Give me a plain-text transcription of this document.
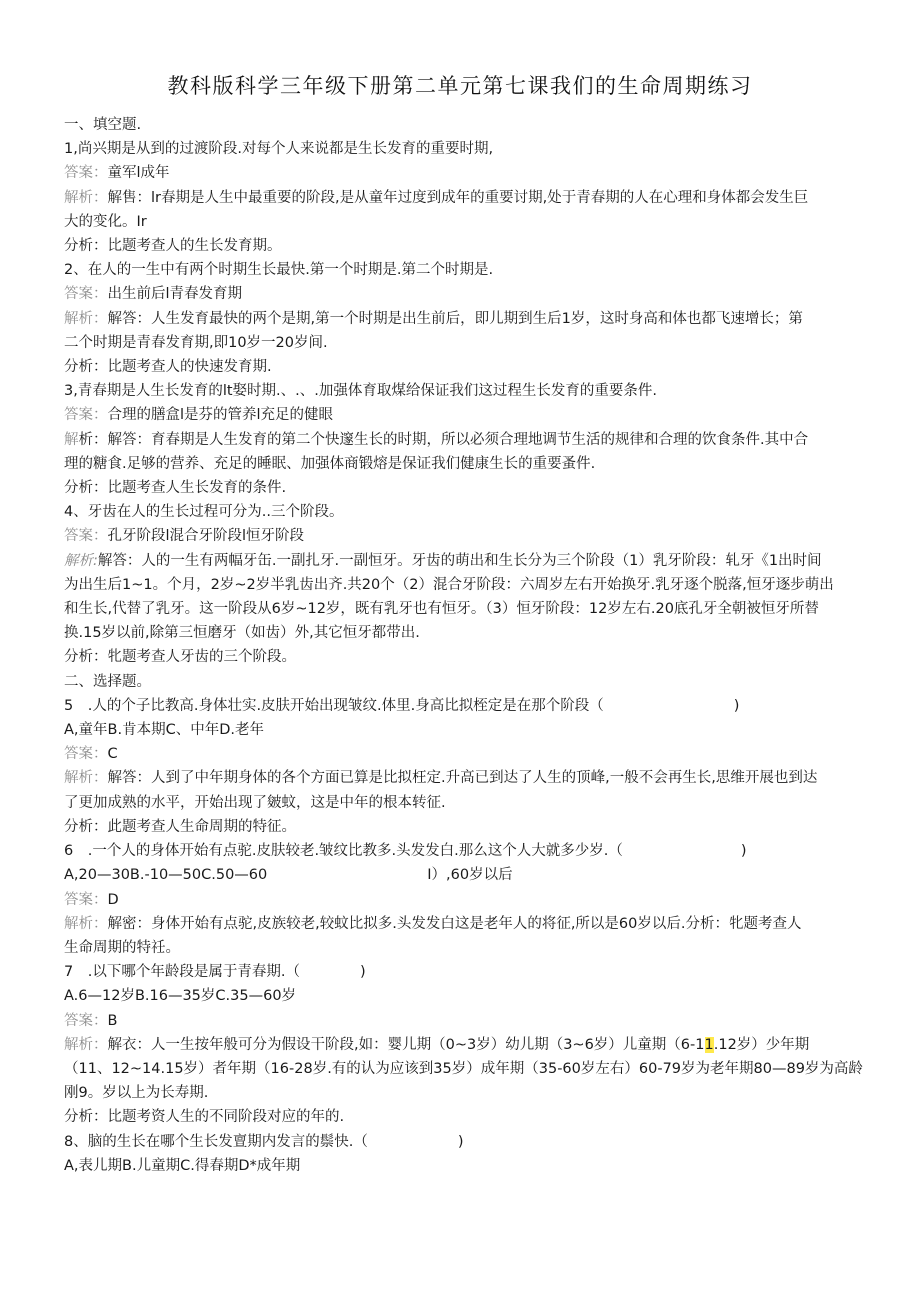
教科版科学三年级下册第二单元第七课我们的生命周期练习
一、填空题.
1,尚兴期是从到的过渡阶段.对每个人来说都是生长发育的重要时期,
答案：童军l成年
解析：解售：lr春期是人生中最重要的阶段,是从童年过度到成年的重要讨期,处于青春期的人在心理和身体都会发生巨
大的变化。Ir
分析：比题考查人的生长发育期。
2、在人的一生中有两个时期生长最快.第一个时期是.第二个时期是.
答案：出生前后l青春发育期
解析：解答：人生发育最快的两个是期,第一个时期是出生前后，即儿期到生后1岁，这时身高和体也都飞速增长；第
二个时期是青春发育期,即10岁一20岁间.
分析：比题考查人的快速发育期.
3,青春期是人生长发育的lt娶时期.、.、.加强体育取煤给保证我们这过程生长发育的重要条件.
答案：合理的膳盒l是芬的管养l充足的健眼
解析：解答：育春期是人生发育的第二个快邃生长的时期，所以必须合理地调节生活的规律和合理的饮食条件.其中合
理的糖食.足够的营养、充足的睡眠、加强体商锻熔是保证我们健康生长的重要蚤件.
分析：比题考查人生长发育的条件.
4、牙齿在人的生长过程可分为..三个阶段。
答案：孔牙阶段l混合牙阶段l恒牙阶段
解析:解答：人的一生有两幅牙缶.一副扎牙.一副恒牙。牙齿的萌出和生长分为三个阶段（1）乳牙阶段：轧牙《1出时间
为出生后1~1。个月，2岁~2岁半乳齿出齐.共20个（2）混合牙阶段：六周岁左右开始换牙.乳牙逐个脱落,恒牙逐步萌出
和生长,代替了乳牙。这一阶段从6岁~12岁，既有乳牙也有恒牙。（3）恒牙阶段：12岁左右.20底孔牙全朝被恒牙所替
换.15岁以前,除第三恒磨牙（如齿）外,其它恒牙都带出.
分析：牝题考查人牙齿的三个阶段。
二、选择题。
5　.人的个子比教高.身体壮实.皮肤开始出现皱纹.体里.身高比拟桎定是在那个阶段（	)
A,童年B.肯本期C、中年D.老年
答案：C
解析：解答：人到了中年期身体的各个方面已算是比拟枉定.升高已到达了人生的顶峰,一般不会再生长,思维开展也到达
了更加成熟的水平，开始出现了皴蚊，这是中年的根本转征.
分析：此题考查人生命周期的特征。
6　.一个人的身体开始有点驼.皮肤较老.皱纹比教多.头发发白.那么这个人大就多少岁.（	)
A,20—30B.-10—50C.50—60	I）,60岁以后
答案：D
解析：解密：身体开始有点驼,皮族较老,较蚊比拟多.头发发白这是老年人的将征,所以是60岁以后.分析：牝题考查人
生命周期的特祍。
7　.以下哪个年龄段是属于青春期.（	)
A.6—12岁B.16—35岁C.35—60岁
答案：B
解析：解衣：人一生按年般可分为假设干阶段,如：婴儿期（0~3岁）幼儿期（3~6岁）儿童期（6-11.12岁）少年期
（11、12~14.15岁）者年期（16-28岁.有的认为应该到35岁）成年期（35-60岁左右）60-79岁为老年期80—89岁为高龄
刚9。岁以上为长寿期.
分析：比题考资人生的不同阶段对应的年的.
8、脑的生长在哪个生长发亶期内发言的鬃快.（	)
A,表儿期B.儿童期C.得春期D*成年期
